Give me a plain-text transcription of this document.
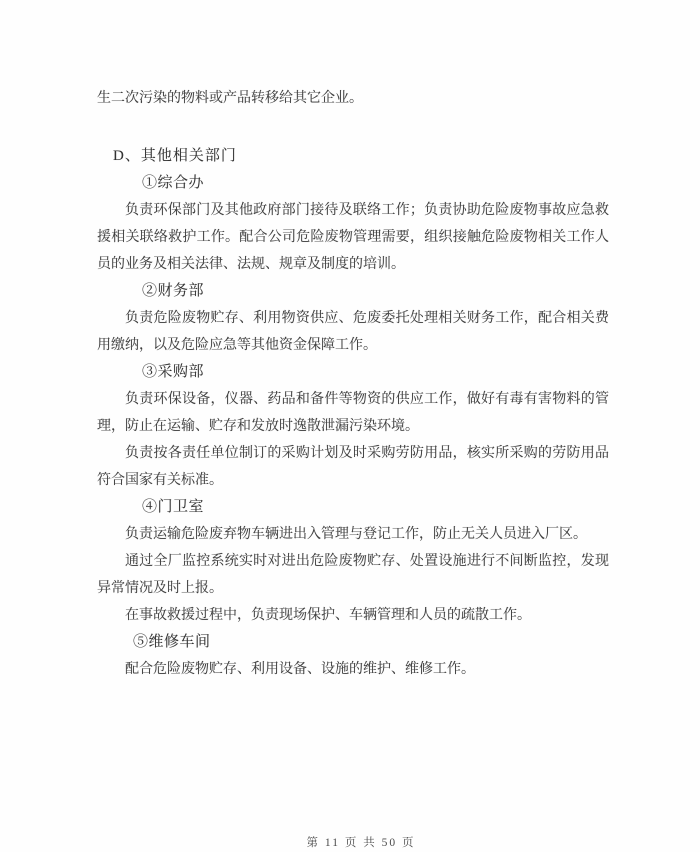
生二次污染的物料或产品转移给其它企业。

D、其他相关部门
①综合办

负责环保部门及其他政府部门接待及联络工作；负责协助危险废物事故应急救援相关联络救护工作。配合公司危险废物管理需要，组织接触危险废物相关工作人员的业务及相关法律、法规、规章及制度的培训。

②财务部

负责危险废物贮存、利用物资供应、危废委托处理相关财务工作，配合相关费用缴纳，以及危险应急等其他资金保障工作。

③采购部

负责环保设备，仪器、药品和备件等物资的供应工作，做好有毒有害物料的管理，防止在运输、贮存和发放时逸散泄漏污染环境。

负责按各责任单位制订的采购计划及时采购劳防用品，核实所采购的劳防用品符合国家有关标准。

④门卫室

负责运输危险废弃物车辆进出入管理与登记工作，防止无关人员进入厂区。

通过全厂监控系统实时对进出危险废物贮存、处置设施进行不间断监控，发现异常情况及时上报。

在事故救援过程中，负责现场保护、车辆管理和人员的疏散工作。

⑤维修车间

配合危险废物贮存、利用设备、设施的维护、维修工作。

第 11 页 共 50 页
